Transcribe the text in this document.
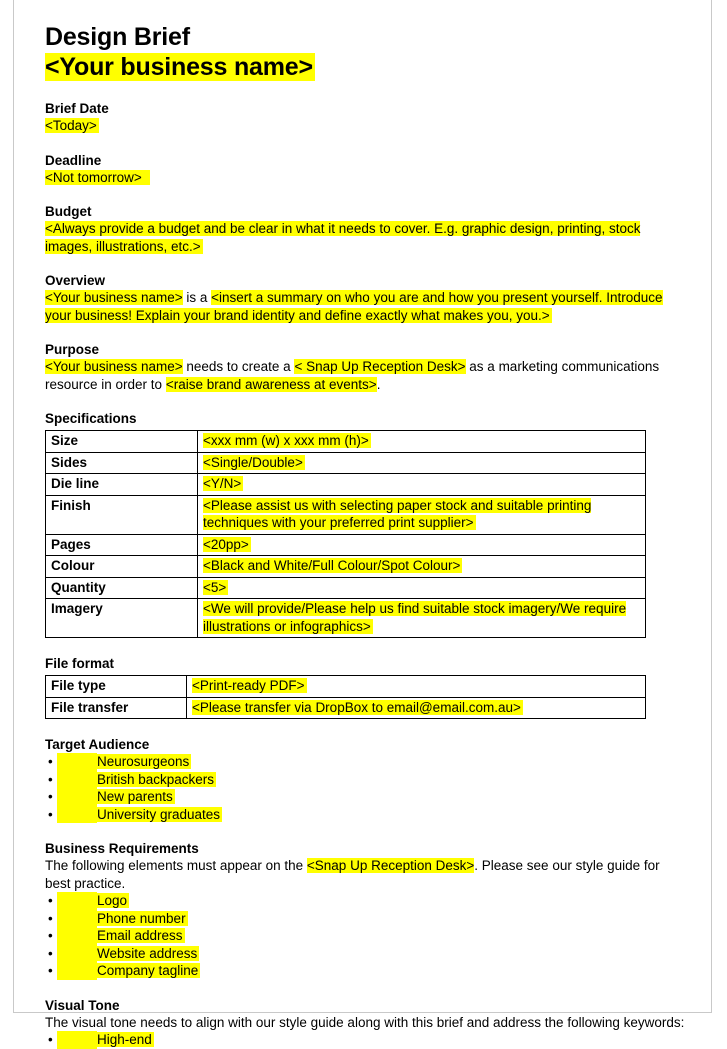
Design Brief
<Your business name>

Brief Date

<Today>

Deadline

<Not tomorrow>

Budget

<Always provide a budget and be clear in what it needs to cover. E.g. graphic design, printing, stock images, illustrations, etc.>

Overview

<Your business name> is a <insert a summary on who you are and how you present yourself. Introduce your business! Explain your brand identity and define exactly what makes you, you.>

Purpose

<Your business name> needs to create a < Snap Up Reception Desk> as a marketing communications resource in order to <raise brand awareness at events>.

Specifications

Size	<xxx mm (w) x xxx mm (h)>
Sides	<Single/Double>
Die line	<Y/N>
Finish	<Please assist us with selecting paper stock and suitable printing techniques with your preferred print supplier>
Pages	<20pp>
Colour	<Black and White/Full Colour/Spot Colour>
Quantity	<5>
Imagery	<We will provide/Please help us find suitable stock imagery/We require illustrations or infographics>

File format

File type	<Print-ready PDF>
File transfer	<Please transfer via DropBox to email@email.com.au>

Target Audience

•	Neurosurgeons
•	British backpackers
•	New parents
•	University graduates

Business Requirements

The following elements must appear on the <Snap Up Reception Desk>. Please see our style guide for best practice.

•	Logo
•	Phone number
•	Email address
•	Website address
•	Company tagline

Visual Tone

The visual tone needs to align with our style guide along with this brief and address the following keywords:

•	High-end
